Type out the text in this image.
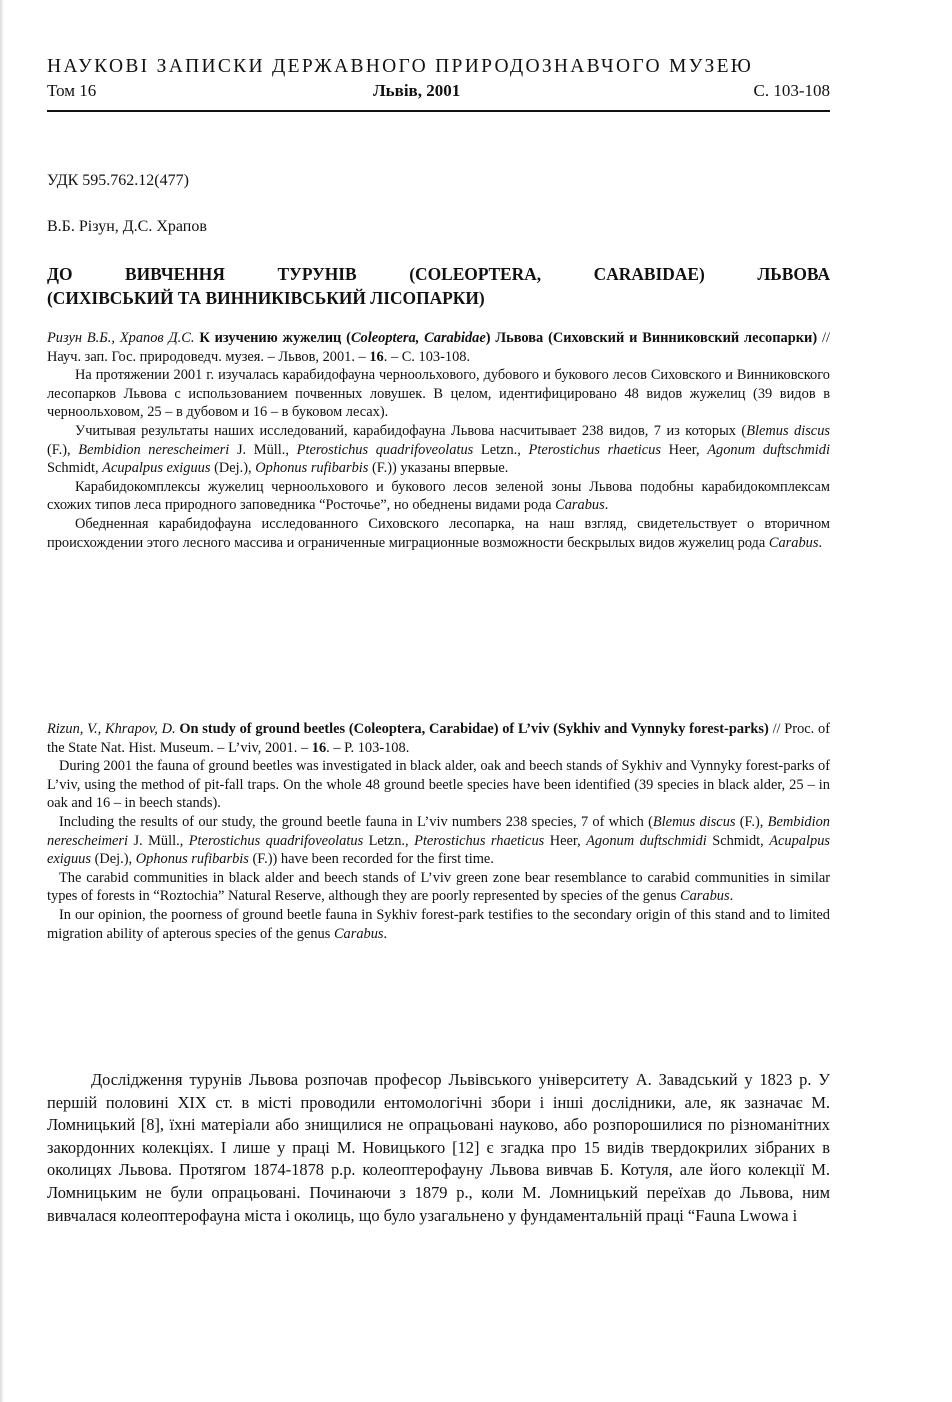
НАУКОВІ ЗАПИСКИ ДЕРЖАВНОГО ПРИРОДОЗНАВЧОГО МУЗЕЮ
Том 16	Львів, 2001	С. 103-108
УДК 595.762.12(477)
В.Б. Різун, Д.С. Храпов
ДО ВИВЧЕННЯ ТУРУНІВ (COLEOPTERA, CARABIDAE) ЛЬВОВА
(СИХІВСЬКИЙ ТА ВИННИКІВСЬКИЙ ЛІСОПАРКИ)

Ризун В.Б., Храпов Д.С. К изучению жужелиц (Coleoptera, Carabidae) Львова (Сиховский и Винниковский лесопарки) // Науч. зап. Гос. природоведч. музея. – Львов, 2001. – 16. – С. 103-108.

На протяжении 2001 г. изучалась карабидофауна черноольхового, дубового и букового лесов Сиховского и Винниковского лесопарков Львова с использованием почвенных ловушек. В целом, идентифицировано 48 видов жужелиц (39 видов в черноольховом, 25 – в дубовом и 16 – в буковом лесах).

Учитывая результаты наших исследований, карабидофауна Львова насчитывает 238 видов, 7 из которых (Blemus discus (F.), Bembidion nerescheimeri J. Müll., Pterostichus quadrifoveolatus Letzn., Pterostichus rhaeticus Heer, Agonum duftschmidi Schmidt, Acupalpus exiguus (Dej.), Ophonus rufibarbis (F.)) указаны впервые.

Карабидокомплексы жужелиц черноольхового и букового лесов зеленой зоны Львова подобны карабидокомплексам схожих типов леса природного заповедника “Росточье”, но обеднены видами рода Carabus.

Обедненная карабидофауна исследованного Сиховского лесопарка, на наш взгляд, свидетельствует о вторичном происхождении этого лесного массива и ограниченные миграционные возможности бескрылых видов жужелиц рода Carabus.

Rizun, V., Khrapov, D. On study of ground beetles (Coleoptera, Carabidae) of L’viv (Sykhiv and Vynnyky forest-parks) // Proc. of the State Nat. Hist. Museum. – L’viv, 2001. – 16. – P. 103-108.

During 2001 the fauna of ground beetles was investigated in black alder, oak and beech stands of Sykhiv and Vynnyky forest-parks of L’viv, using the method of pit-fall traps. On the whole 48 ground beetle species have been identified (39 species in black alder, 25 – in oak and 16 – in beech stands).

Including the results of our study, the ground beetle fauna in L’viv numbers 238 species, 7 of which (Blemus discus (F.), Bembidion nerescheimeri J. Müll., Pterostichus quadrifoveolatus Letzn., Pterostichus rhaeticus Heer, Agonum duftschmidi Schmidt, Acupalpus exiguus (Dej.), Ophonus rufibarbis (F.)) have been recorded for the first time.

The carabid communities in black alder and beech stands of L’viv green zone bear resemblance to carabid communities in similar types of forests in “Roztochia” Natural Reserve, although they are poorly represented by species of the genus Carabus.

In our opinion, the poorness of ground beetle fauna in Sykhiv forest-park testifies to the secondary origin of this stand and to limited migration ability of apterous species of the genus Carabus.

Дослідження турунів Львова розпочав професор Львівського університету А. Завадський у 1823 р. У першій половині XIX ст. в місті проводили ентомологічні збори і інші дослідники, але, як зазначає М. Ломницький [8], їхні матеріали або знищилися не опрацьовані науково, або розпорошилися по різноманітних закордонних колекціях. І лише у праці М. Новицького [12] є згадка про 15 видів твердокрилих зібраних в околицях Львова. Протягом 1874-1878 р.р. колеоптерофауну Львова вивчав Б. Котуля, але його колекції М. Ломницьким не були опрацьовані. Починаючи з 1879 р., коли М. Ломницький переїхав до Львова, ним вивчалася колеоптерофауна міста і околиць, що було узагальнено у фундаментальній праці “Fauna Lwowa i
